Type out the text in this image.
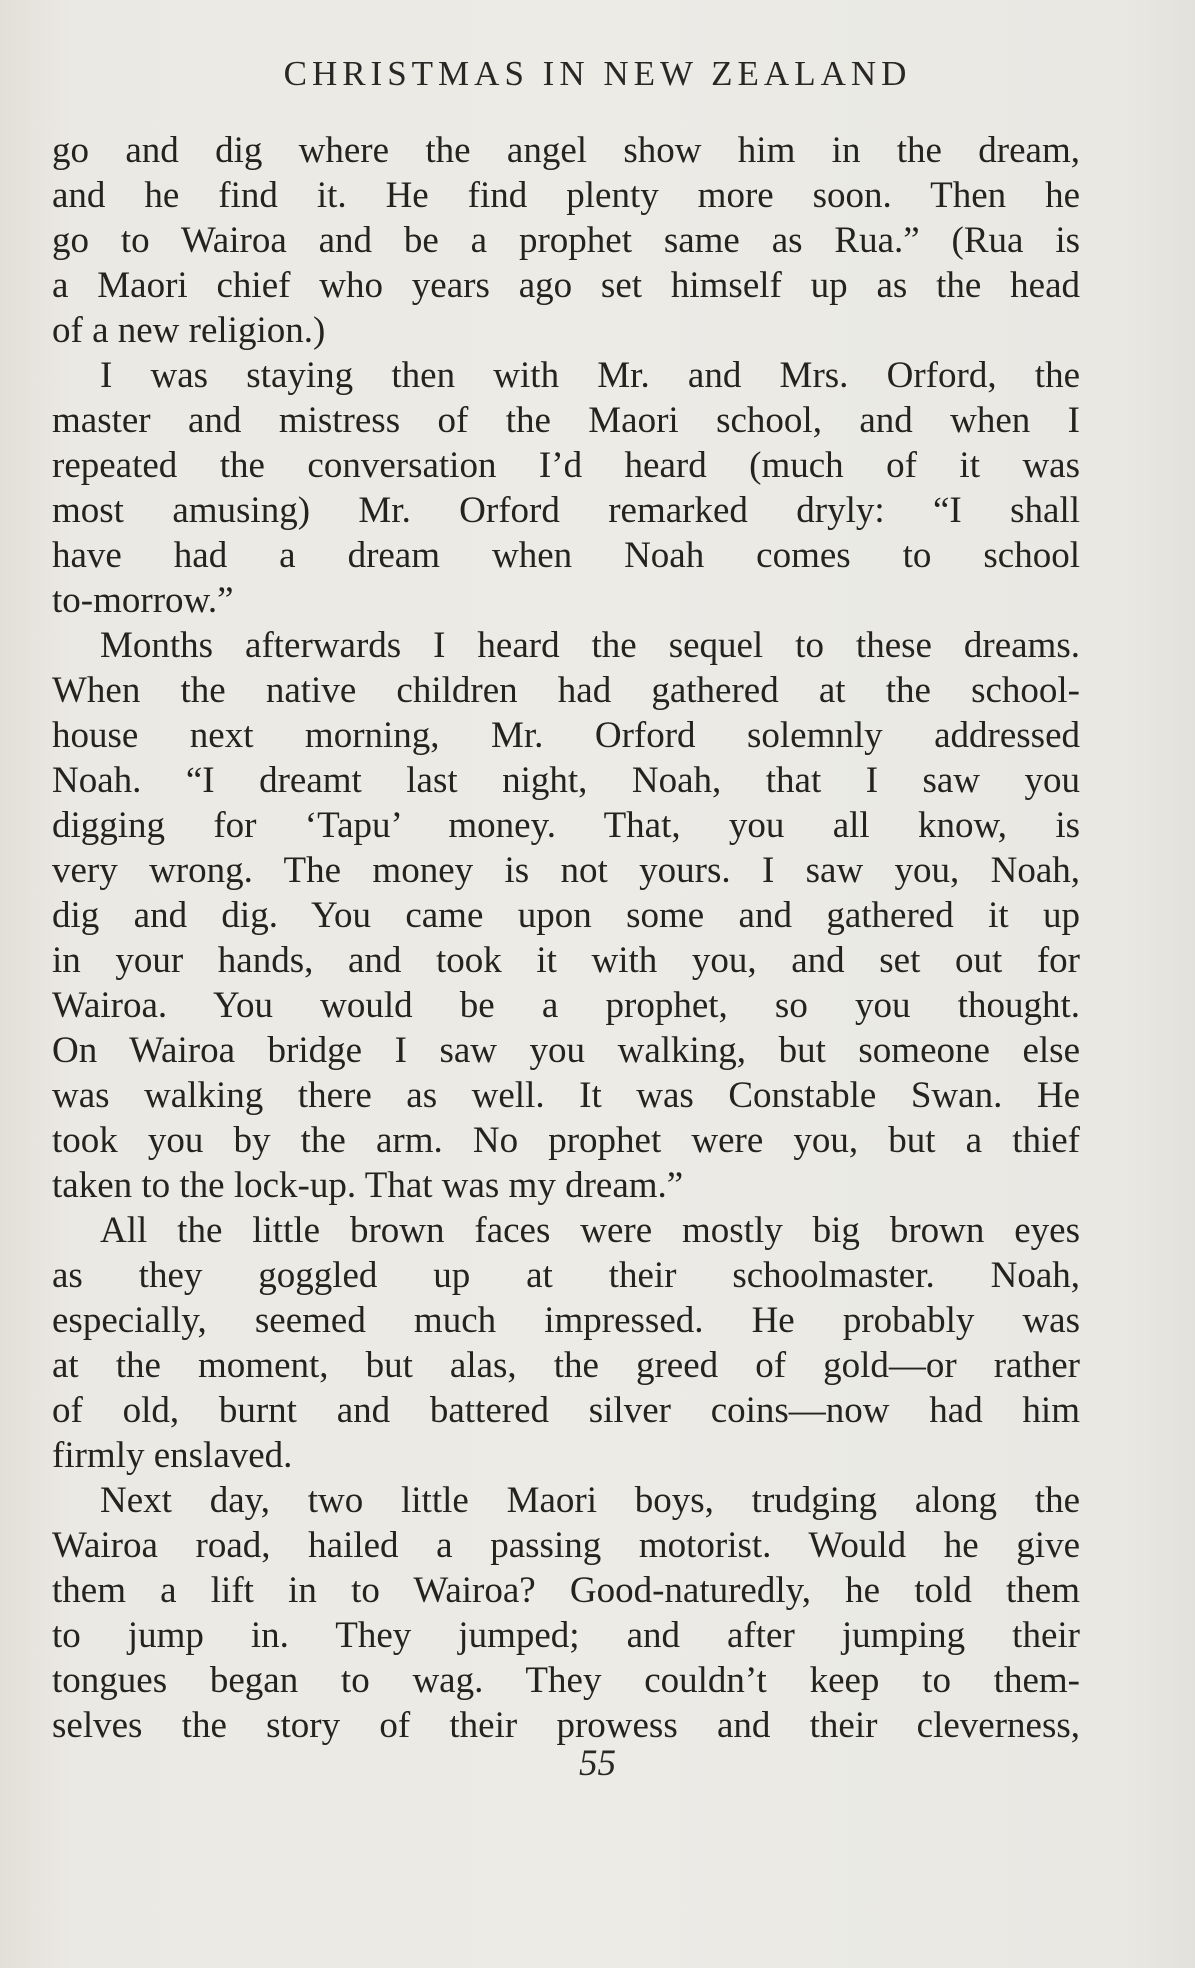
CHRISTMAS IN NEW ZEALAND
go and dig where the angel show him in the dream,
and he find it. He find plenty more soon. Then he
go to Wairoa and be a prophet same as Rua.” (Rua is
a Maori chief who years ago set himself up as the head
of a new religion.)
I was staying then with Mr. and Mrs. Orford, the
master and mistress of the Maori school, and when I
repeated the conversation I’d heard (much of it was
most amusing) Mr. Orford remarked dryly: “I shall
have had a dream when Noah comes to school
to-morrow.”
Months afterwards I heard the sequel to these dreams.
When the native children had gathered at the school-
house next morning, Mr. Orford solemnly addressed
Noah. “I dreamt last night, Noah, that I saw you
digging for ‘Tapu’ money. That, you all know, is
very wrong. The money is not yours. I saw you, Noah,
dig and dig. You came upon some and gathered it up
in your hands, and took it with you, and set out for
Wairoa. You would be a prophet, so you thought.
On Wairoa bridge I saw you walking, but someone else
was walking there as well. It was Constable Swan. He
took you by the arm. No prophet were you, but a thief
taken to the lock-up. That was my dream.”
All the little brown faces were mostly big brown eyes
as they goggled up at their schoolmaster. Noah,
especially, seemed much impressed. He probably was
at the moment, but alas, the greed of gold—or rather
of old, burnt and battered silver coins—now had him
firmly enslaved.
Next day, two little Maori boys, trudging along the
Wairoa road, hailed a passing motorist. Would he give
them a lift in to Wairoa? Good-naturedly, he told them
to jump in. They jumped; and after jumping their
tongues began to wag. They couldn’t keep to them-
selves the story of their prowess and their cleverness,
55
